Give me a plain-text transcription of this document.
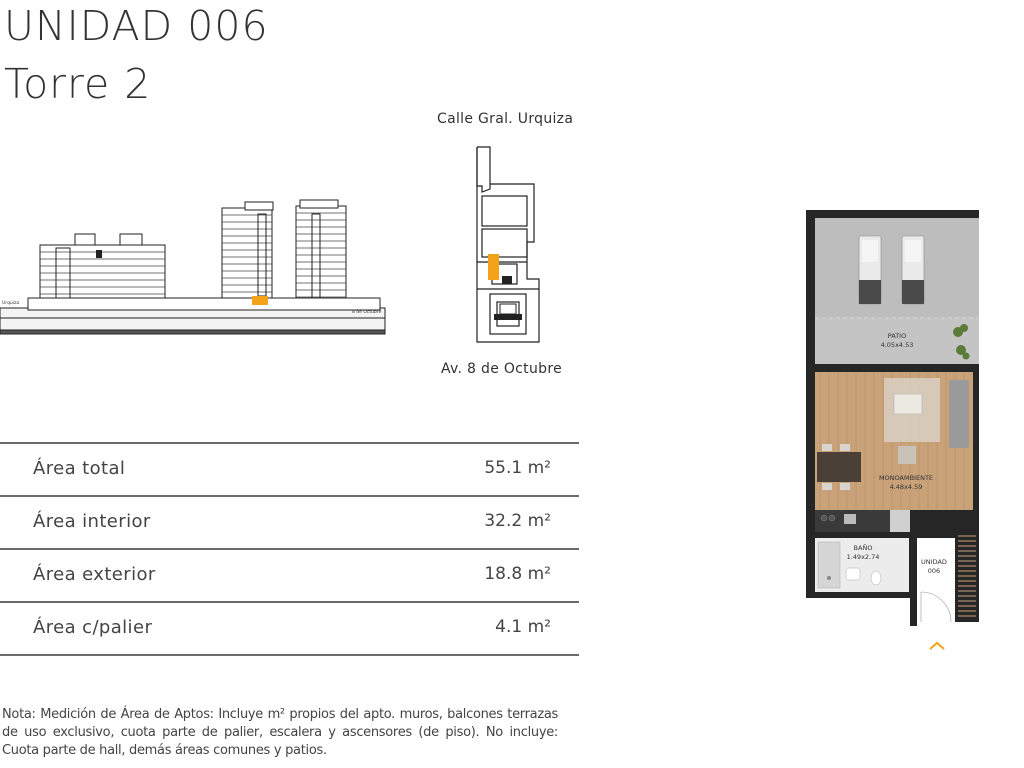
UNIDAD 006
Torre 2
Urquiza
8 de Octubre
Calle Gral. Urquiza
Av. 8 de Octubre
Área total	55.1 m²
Área interior	32.2 m²
Área exterior	18.8 m²
Área c/palier	4.1 m²

Nota: Medición de Área de Aptos: Incluye m² propios del apto. muros, balcones terrazas de uso exclusivo, cuota parte de palier, escalera y ascensores (de piso). No incluye: Cuota parte de hall, demás áreas comunes y patios.

PATIO
4.05x4.53
MONOAMBIENTE
4.48x4.59
BAÑO
1.49x2.74
UNIDAD
006
